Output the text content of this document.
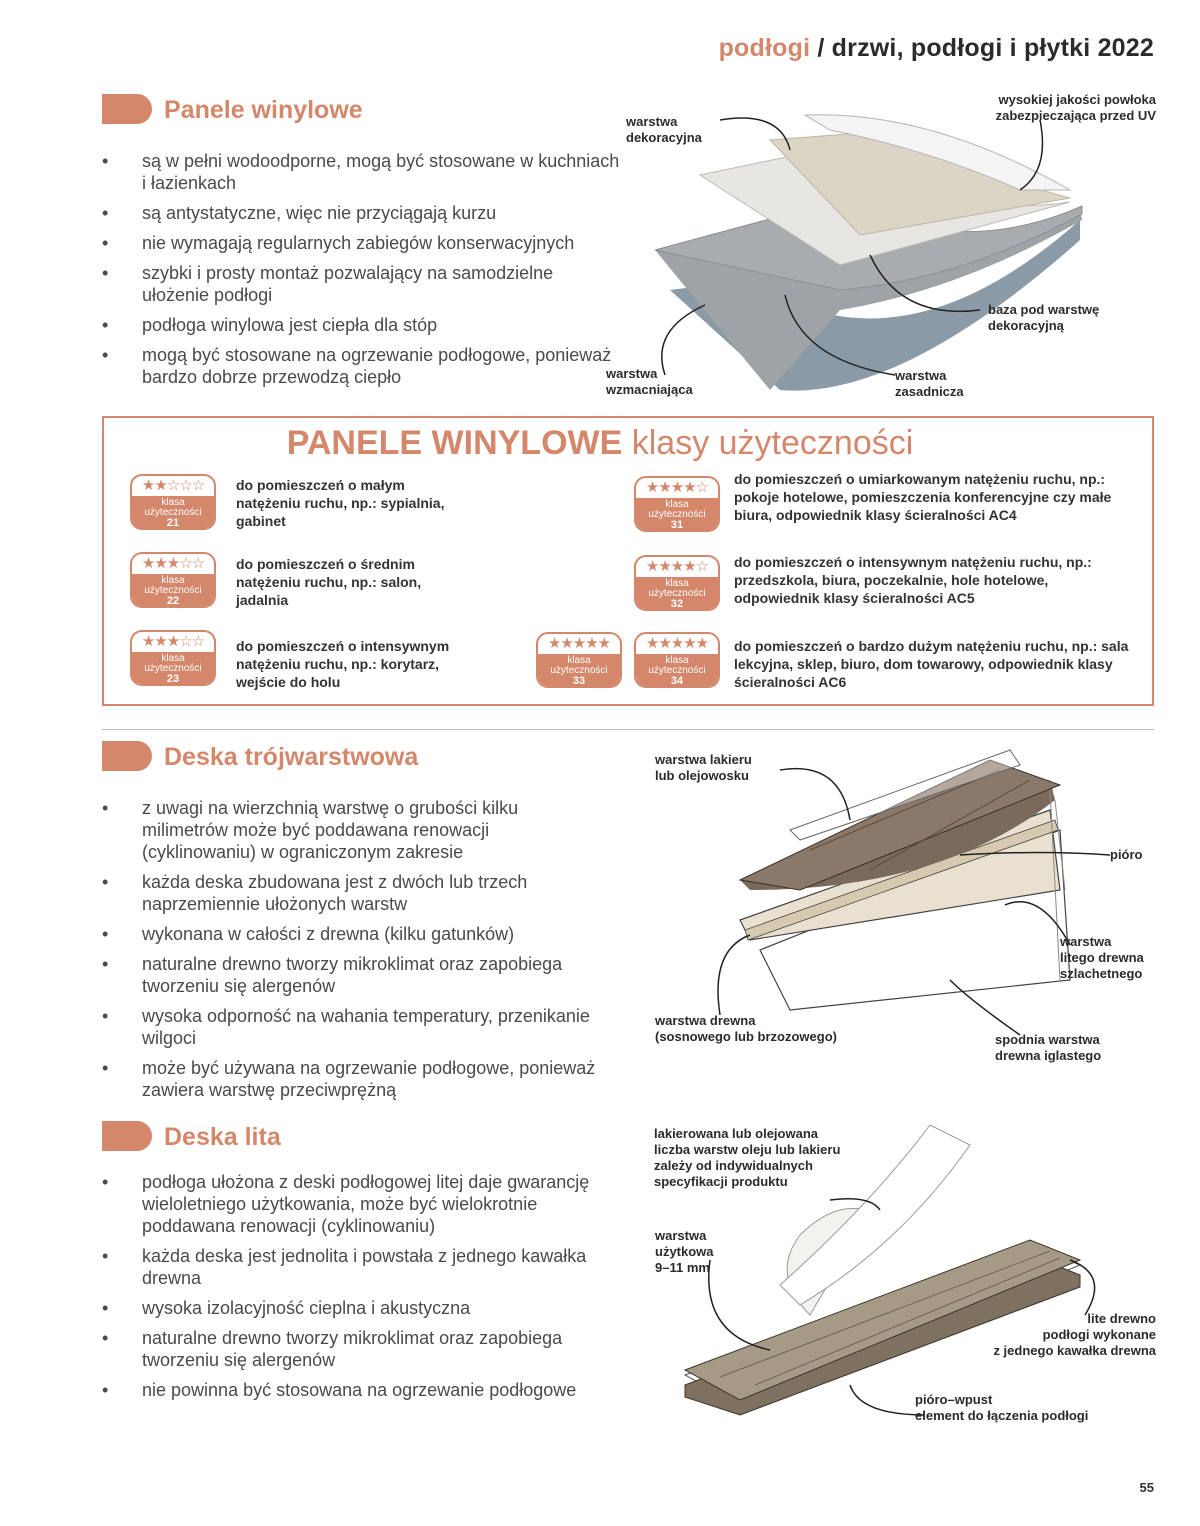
podłogi / drzwi, podłogi i płytki 2022
Panele winylowe
• są w pełni wodoodporne, mogą być stosowane w kuchniach i łazienkach
• są antystatyczne, więc nie przyciągają kurzu
• nie wymagają regularnych zabiegów konserwacyjnych
• szybki i prosty montaż pozwalający na samodzielne ułożenie podłogi
• podłoga winylowa jest ciepła dla stóp
• mogą być stosowane na ogrzewanie podłogowe, ponieważ bardzo dobrze przewodzą ciepło
warstwa
dekoracyjna
wysokiej jakości powłoka
zabezpieczająca przed UV
baza pod warstwę
dekoracyjną
warstwa
wzmacniająca
warstwa
zasadnicza
PANELE WINYLOWE klasy użyteczności
★★☆☆☆
klasa
użyteczności
21
do pomieszczeń o małym natężeniu ruchu, np.: sypialnia, gabinet
★★★☆☆
klasa
użyteczności
22
do pomieszczeń o średnim natężeniu ruchu, np.: salon, jadalnia
★★★☆☆
klasa
użyteczności
23
do pomieszczeń o intensywnym natężeniu ruchu, np.: korytarz, wejście do holu
★★★★☆
klasa
użyteczności
31
do pomieszczeń o umiarkowanym natężeniu ruchu, np.: pokoje hotelowe, pomieszczenia konferencyjne czy małe biura, odpowiednik klasy ścieralności AC4
★★★★☆
klasa
użyteczności
32
do pomieszczeń o intensywnym natężeniu ruchu, np.: przedszkola, biura, poczekalnie, hole hotelowe, odpowiednik klasy ścieralności AC5
★★★★★
klasa
użyteczności
33
★★★★★
klasa
użyteczności
34
do pomieszczeń o bardzo dużym natężeniu ruchu, np.: sala lekcyjna, sklep, biuro, dom towarowy, odpowiednik klasy ścieralności AC6
Deska trójwarstwowa
• z uwagi na wierzchnią warstwę o grubości kilku milimetrów może być poddawana renowacji (cyklinowaniu) w ograniczonym zakresie
• każda deska zbudowana jest z dwóch lub trzech naprzemiennie ułożonych warstw
• wykonana w całości z drewna (kilku gatunków)
• naturalne drewno tworzy mikroklimat oraz zapobiega tworzeniu się alergenów
• wysoka odporność na wahania temperatury, przenikanie wilgoci
• może być używana na ogrzewanie podłogowe, ponieważ zawiera warstwę przeciwprężną
warstwa lakieru
lub olejowosku
pióro
warstwa
litego drewna
szlachetnego
warstwa drewna
(sosnowego lub brzozowego)	spodnia warstwa
drewna iglastego
Deska lita
• podłoga ułożona z deski podłogowej litej daje gwarancję wieloletniego użytkowania, może być wielokrotnie poddawana renowacji (cyklinowaniu)
• każda deska jest jednolita i powstała z jednego kawałka drewna
• wysoka izolacyjność cieplna i akustyczna
• naturalne drewno tworzy mikroklimat oraz zapobiega tworzeniu się alergenów
• nie powinna być stosowana na ogrzewanie podłogowe
lakierowana lub olejowana
liczba warstw oleju lub lakieru
zależy od indywidualnych
specyfikacji produktu
warstwa
użytkowa
9–11 mm
lite drewno
podłogi wykonane
z jednego kawałka drewna
pióro–wpust
element do łączenia podłogi
55
